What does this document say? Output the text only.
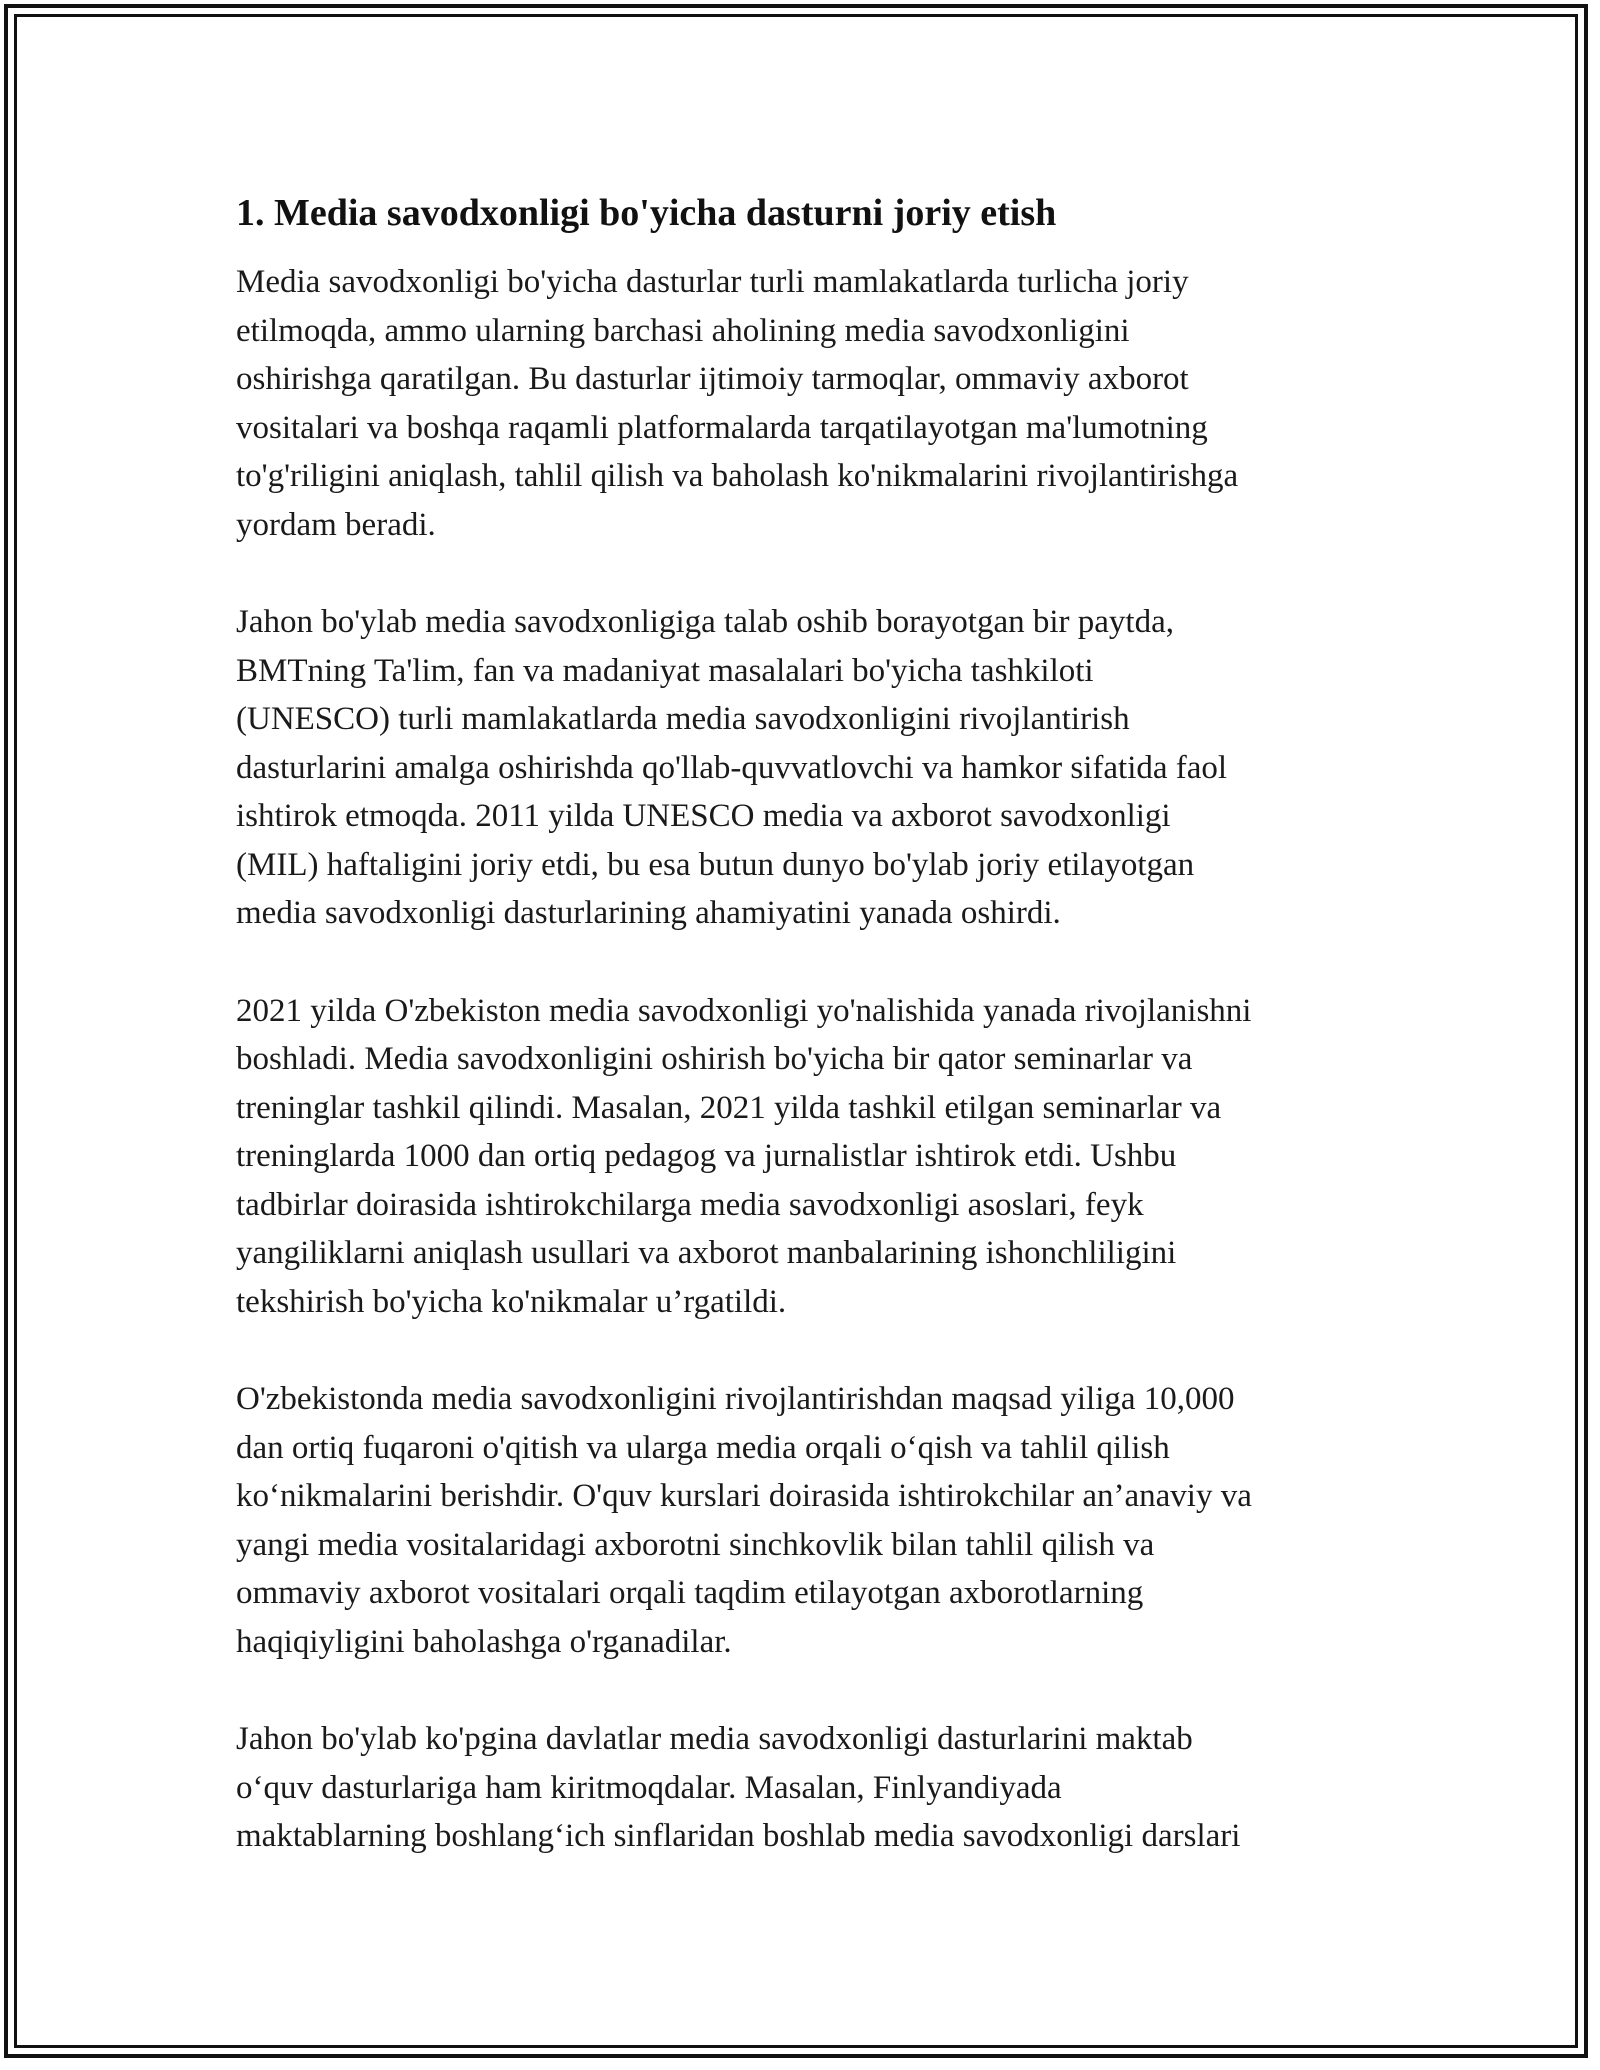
1. Media savodxonligi bo'yicha dasturni joriy etish

Media savodxonligi bo'yicha dasturlar turli mamlakatlarda turlicha joriy
etilmoqda, ammo ularning barchasi aholining media savodxonligini
oshirishga qaratilgan. Bu dasturlar ijtimoiy tarmoqlar, ommaviy axborot
vositalari va boshqa raqamli platformalarda tarqatilayotgan ma'lumotning
to'g'riligini aniqlash, tahlil qilish va baholash ko'nikmalarini rivojlantirishga
yordam beradi.

Jahon bo'ylab media savodxonligiga talab oshib borayotgan bir paytda,
BMTning Ta'lim, fan va madaniyat masalalari bo'yicha tashkiloti
(UNESCO) turli mamlakatlarda media savodxonligini rivojlantirish
dasturlarini amalga oshirishda qo'llab-quvvatlovchi va hamkor sifatida faol
ishtirok etmoqda. 2011 yilda UNESCO media va axborot savodxonligi
(MIL) haftaligini joriy etdi, bu esa butun dunyo bo'ylab joriy etilayotgan
media savodxonligi dasturlarining ahamiyatini yanada oshirdi.

2021 yilda O'zbekiston media savodxonligi yo'nalishida yanada rivojlanishni
boshladi. Media savodxonligini oshirish bo'yicha bir qator seminarlar va
treninglar tashkil qilindi. Masalan, 2021 yilda tashkil etilgan seminarlar va
treninglarda 1000 dan ortiq pedagog va jurnalistlar ishtirok etdi. Ushbu
tadbirlar doirasida ishtirokchilarga media savodxonligi asoslari, feyk
yangiliklarni aniqlash usullari va axborot manbalarining ishonchliligini
tekshirish bo'yicha ko'nikmalar u’rgatildi.

O'zbekistonda media savodxonligini rivojlantirishdan maqsad yiliga 10,000
dan ortiq fuqaroni o'qitish va ularga media orqali o‘qish va tahlil qilish
ko‘nikmalarini berishdir. O'quv kurslari doirasida ishtirokchilar an’anaviy va
yangi media vositalaridagi axborotni sinchkovlik bilan tahlil qilish va
ommaviy axborot vositalari orqali taqdim etilayotgan axborotlarning
haqiqiyligini baholashga o'rganadilar.

Jahon bo'ylab ko'pgina davlatlar media savodxonligi dasturlarini maktab
o‘quv dasturlariga ham kiritmoqdalar. Masalan, Finlyandiyada
maktablarning boshlang‘ich sinflaridan boshlab media savodxonligi darslari
